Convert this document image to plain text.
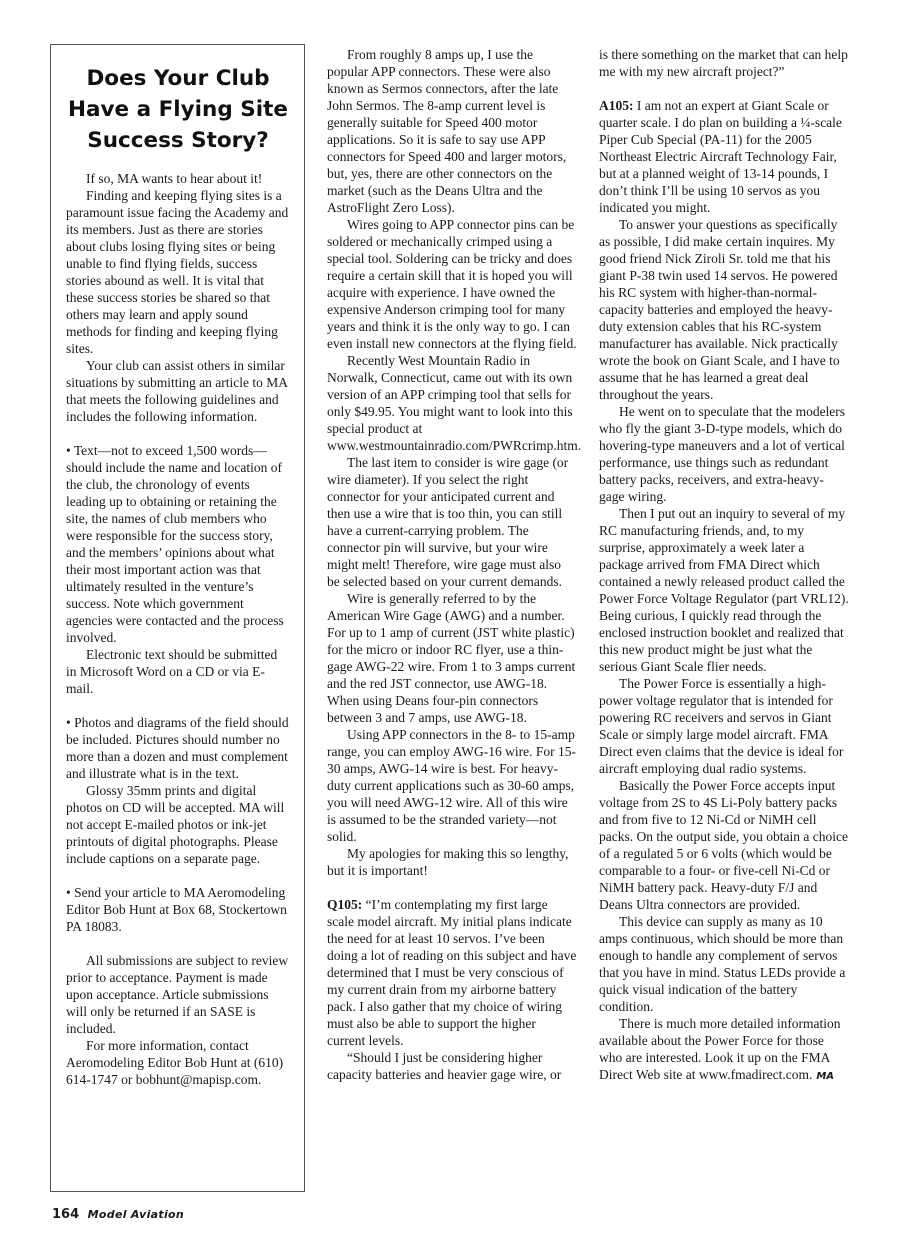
Does Your Club Have a Flying Site Success Story?

If so, MA wants to hear about it!

Finding and keeping flying sites is a paramount issue facing the Academy and its members. Just as there are stories about clubs losing flying sites or being unable to find flying fields, success stories abound as well. It is vital that these success stories be shared so that others may learn and apply sound methods for finding and keeping flying sites.

Your club can assist others in similar situations by submitting an article to MA that meets the following guidelines and includes the following information.

• Text—not to exceed 1,500 words—should include the name and location of the club, the chronology of events leading up to obtaining or retaining the site, the names of club members who were responsible for the success story, and the members’ opinions about what their most important action was that ultimately resulted in the venture’s success. Note which government agencies were contacted and the process involved.

Electronic text should be submitted in Microsoft Word on a CD or via E-mail.

• Photos and diagrams of the field should be included. Pictures should number no more than a dozen and must complement and illustrate what is in the text.

Glossy 35mm prints and digital photos on CD will be accepted. MA will not accept E-mailed photos or ink-jet printouts of digital photographs. Please include captions on a separate page.

• Send your article to MA Aeromodeling Editor Bob Hunt at Box 68, Stockertown PA 18083.

All submissions are subject to review prior to acceptance. Payment is made upon acceptance. Article submissions will only be returned if an SASE is included.

For more information, contact Aeromodeling Editor Bob Hunt at (610) 614-1747 or bobhunt@mapisp.com.

From roughly 8 amps up, I use the popular APP connectors. These were also known as Sermos connectors, after the late John Sermos. The 8-amp current level is generally suitable for Speed 400 motor applications. So it is safe to say use APP connectors for Speed 400 and larger motors, but, yes, there are other connectors on the market (such as the Deans Ultra and the AstroFlight Zero Loss).

Wires going to APP connector pins can be soldered or mechanically crimped using a special tool. Soldering can be tricky and does require a certain skill that it is hoped you will acquire with experience. I have owned the expensive Anderson crimping tool for many years and think it is the only way to go. I can even install new connectors at the flying field.

Recently West Mountain Radio in Norwalk, Connecticut, came out with its own version of an APP crimping tool that sells for only $49.95. You might want to look into this special product at www.westmountainradio.com/PWRcrimp.htm.

The last item to consider is wire gage (or wire diameter). If you select the right connector for your anticipated current and then use a wire that is too thin, you can still have a current-carrying problem. The connector pin will survive, but your wire might melt! Therefore, wire gage must also be selected based on your current demands.

Wire is generally referred to by the American Wire Gage (AWG) and a number. For up to 1 amp of current (JST white plastic) for the micro or indoor RC flyer, use a thin-gage AWG-22 wire. From 1 to 3 amps current and the red JST connector, use AWG-18. When using Deans four-pin connectors between 3 and 7 amps, use AWG-18.

Using APP connectors in the 8- to 15-amp range, you can employ AWG-16 wire. For 15-30 amps, AWG-14 wire is best. For heavy-duty current applications such as 30-60 amps, you will need AWG-12 wire. All of this wire is assumed to be the stranded variety—not solid.

My apologies for making this so lengthy, but it is important!

Q105: “I’m contemplating my first large scale model aircraft. My initial plans indicate the need for at least 10 servos. I’ve been doing a lot of reading on this subject and have determined that I must be very conscious of my current drain from my airborne battery pack. I also gather that my choice of wiring must also be able to support the higher current levels.

“Should I just be considering higher capacity batteries and heavier gage wire, or

is there something on the market that can help me with my new aircraft project?”

A105: I am not an expert at Giant Scale or quarter scale. I do plan on building a ¼-scale Piper Cub Special (PA-11) for the 2005 Northeast Electric Aircraft Technology Fair, but at a planned weight of 13-14 pounds, I don’t think I’ll be using 10 servos as you indicated you might.

To answer your questions as specifically as possible, I did make certain inquires. My good friend Nick Ziroli Sr. told me that his giant P-38 twin used 14 servos. He powered his RC system with higher-than-normal-capacity batteries and employed the heavy-duty extension cables that his RC-system manufacturer has available. Nick practically wrote the book on Giant Scale, and I have to assume that he has learned a great deal throughout the years.

He went on to speculate that the modelers who fly the giant 3-D-type models, which do hovering-type maneuvers and a lot of vertical performance, use things such as redundant battery packs, receivers, and extra-heavy-gage wiring.

Then I put out an inquiry to several of my RC manufacturing friends, and, to my surprise, approximately a week later a package arrived from FMA Direct which contained a newly released product called the Power Force Voltage Regulator (part VRL12). Being curious, I quickly read through the enclosed instruction booklet and realized that this new product might be just what the serious Giant Scale flier needs.

The Power Force is essentially a high-power voltage regulator that is intended for powering RC receivers and servos in Giant Scale or simply large model aircraft. FMA Direct even claims that the device is ideal for aircraft employing dual radio systems.

Basically the Power Force accepts input voltage from 2S to 4S Li-Poly battery packs and from five to 12 Ni-Cd or NiMH cell packs. On the output side, you obtain a choice of a regulated 5 or 6 volts (which would be comparable to a four- or five-cell Ni-Cd or NiMH battery pack. Heavy-duty F/J and Deans Ultra connectors are provided.

This device can supply as many as 10 amps continuous, which should be more than enough to handle any complement of servos that you have in mind. Status LEDs provide a quick visual indication of the battery condition.

There is much more detailed information available about the Power Force for those who are interested. Look it up on the FMA Direct Web site at www.fmadirect.com. MA

164 Model Aviation
